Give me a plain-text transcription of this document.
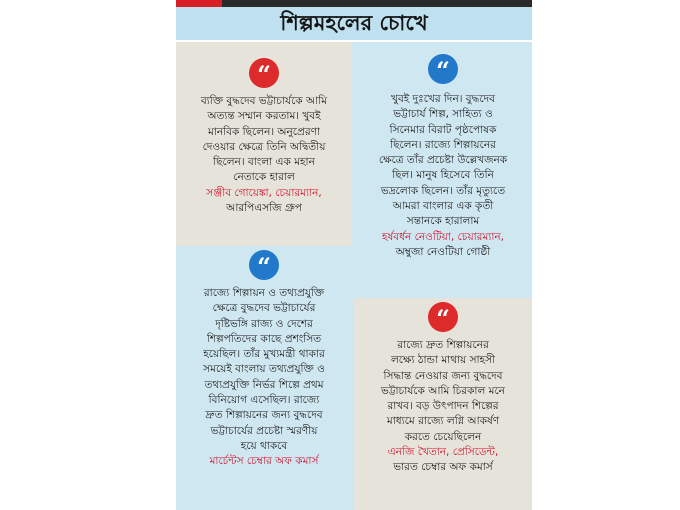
শিল্পমহলের চোখে
“
ব্যক্তি বুদ্ধদেব ভট্টাচার্যকে আমি
অত্যন্ত সম্মান করতাম। খুবই
মানবিক ছিলেন। অনুপ্রেরণা
দেওয়ার ক্ষেত্রে তিনি অদ্বিতীয়
ছিলেন। বাংলা এক মহান
নেতাকে হারাল
সঞ্জীব গোয়েঙ্কা, চেয়ারম্যান,
আরপিএসজি গ্রুপ
“
খুবই দুঃখের দিন। বুদ্ধদেব
ভট্টাচার্য শিল্প, সাহিত্য ও
সিনেমার বিরাট পৃষ্ঠপোষক
ছিলেন। রাজ্যে শিল্পায়নের
ক্ষেত্রে তাঁর প্রচেষ্টা উল্লেখজনক
ছিল। মানুষ হিসেবে তিনি
ভদ্রলোক ছিলেন। তাঁর মৃত্যুতে
আমরা বাংলার এক কৃতী
সন্তানকে হারালাম
হর্ষবর্ধন নেওটিয়া, চেয়ারম্যান,
অম্বুজা নেওটিয়া গোষ্ঠী
“
রাজ্যে শিল্পায়ন ও তথ্যপ্রযুক্তি
ক্ষেত্রে বুদ্ধদেব ভট্টাচার্যের
দৃষ্টিভঙ্গি রাজ্য ও দেশের
শিল্পপতিদের কাছে প্রশংসিত
হয়েছিল। তাঁর মুখ্যমন্ত্রী থাকার
সময়েই বাংলায় তথ্যপ্রযুক্তি ও
তথ্যপ্রযুক্তি নির্ভর শিল্পে প্রথম
বিনিয়োগ এসেছিল। রাজ্যে
দ্রুত শিল্পায়নের জন্য বুদ্ধদেব
ভট্টাচার্যের প্রচেষ্টা স্মরণীয়
হয়ে থাকবে
মার্চেন্টস চেম্বার অফ কমার্স
“
রাজ্যে দ্রুত শিল্পায়নের
লক্ষ্যে ঠান্ডা মাথায় সাহসী
সিদ্ধান্ত নেওয়ার জন্য বুদ্ধদেব
ভট্টাচার্যকে আমি চিরকাল মনে
রাখব। বড় উৎপাদন শিল্পের
মাধ্যমে রাজ্যে লগ্নি আকর্ষণ
করতে চেয়েছিলেন
এনজি খৈতান, প্রেসিডেন্ট,
ভারত চেম্বার অফ কমার্স
